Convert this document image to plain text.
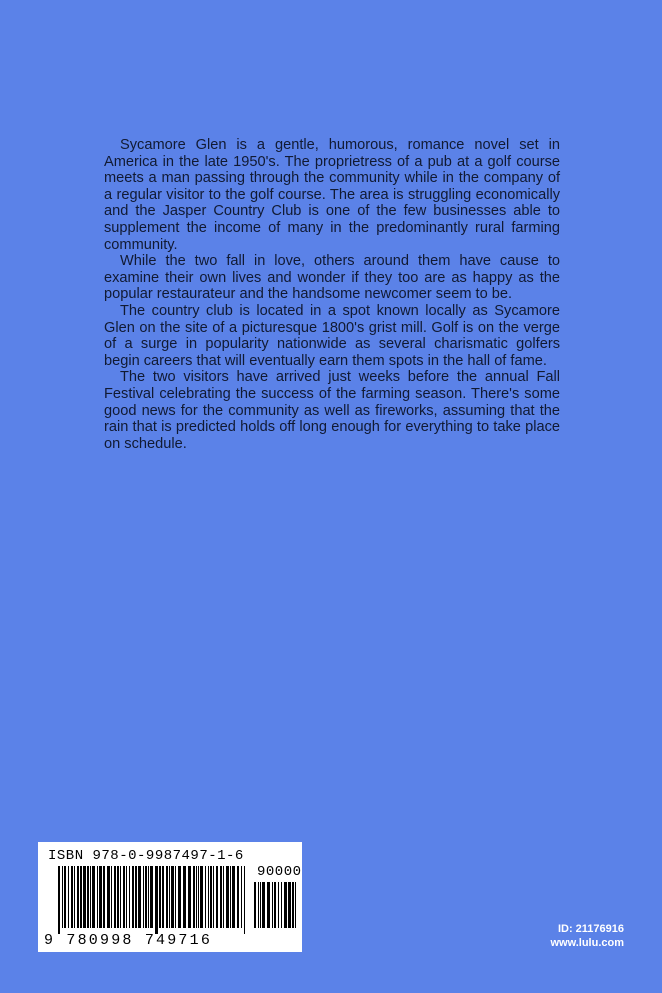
Sycamore Glen is a gentle, humorous, romance novel set in America in the late 1950's. The proprietress of a pub at a golf course meets a man passing through the community while in the company of a regular visitor to the golf course. The area is struggling economically and the Jasper Country Club is one of the few businesses able to supplement the income of many in the predominantly rural farming community.

While the two fall in love, others around them have cause to examine their own lives and wonder if they too are as happy as the popular restaurateur and the handsome newcomer seem to be.

The country club is located in a spot known locally as Sycamore Glen on the site of a picturesque 1800's grist mill. Golf is on the verge of a surge in popularity nationwide as several charismatic golfers begin careers that will eventually earn them spots in the hall of fame.

The two visitors have arrived just weeks before the annual Fall Festival celebrating the success of the farming season. There's some good news for the community as well as fireworks, assuming that the rain that is predicted holds off long enough for everything to take place on schedule.

ISBN 978-0-9987497-1-6
90000
9 780998 749716
ID: 21176916
www.lulu.com
